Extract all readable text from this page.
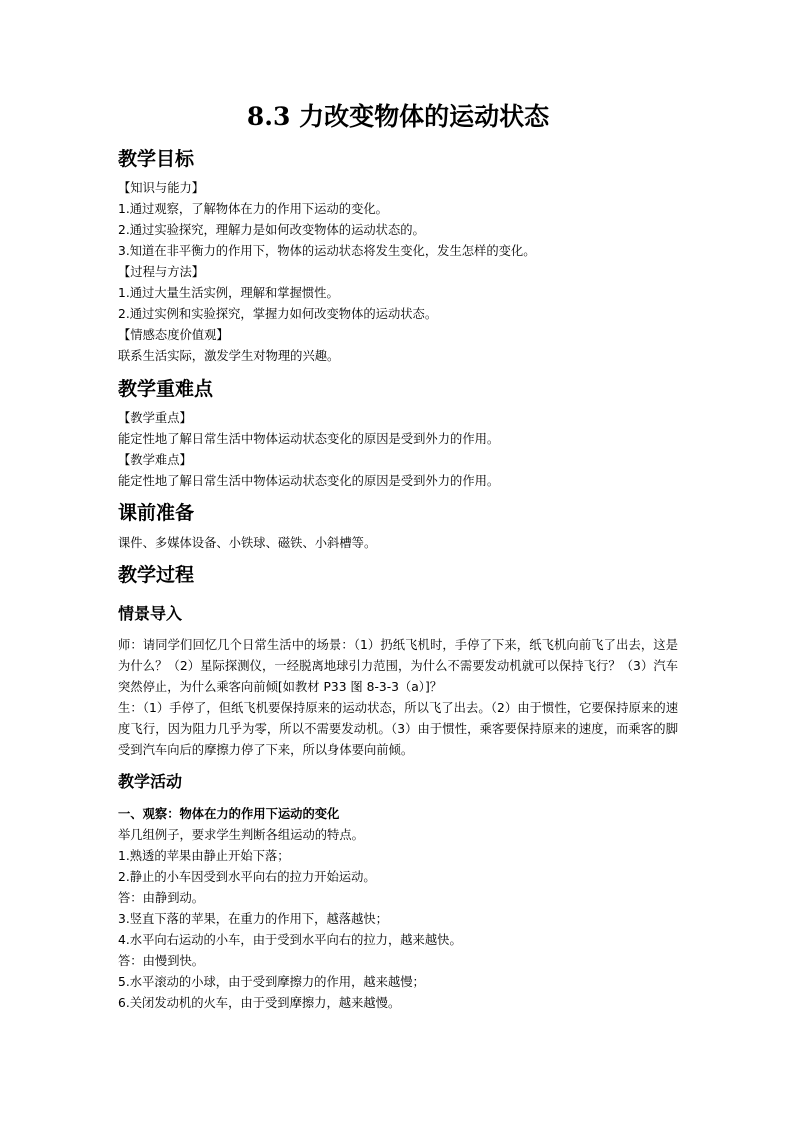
8.3 力改变物体的运动状态
教学目标

【知识与能力】

1.通过观察，了解物体在力的作用下运动的变化。

2.通过实验探究，理解力是如何改变物体的运动状态的。

3.知道在非平衡力的作用下，物体的运动状态将发生变化，发生怎样的变化。

【过程与方法】

1.通过大量生活实例，理解和掌握惯性。

2.通过实例和实验探究，掌握力如何改变物体的运动状态。

【情感态度价值观】

联系生活实际，激发学生对物理的兴趣。

教学重难点

【教学重点】

能定性地了解日常生活中物体运动状态变化的原因是受到外力的作用。

【教学难点】

能定性地了解日常生活中物体运动状态变化的原因是受到外力的作用。

课前准备

课件、多媒体设备、小铁球、磁铁、小斜槽等。

教学过程
情景导入

师：请同学们回忆几个日常生活中的场景：（1）扔纸飞机时，手停了下来，纸飞机向前飞了出去，这是为什么？（2）星际探测仪，一经脱离地球引力范围，为什么不需要发动机就可以保持飞行？（3）汽车突然停止，为什么乘客向前倾[如教材 P33 图 8-3-3（a）]？

生：（1）手停了，但纸飞机要保持原来的运动状态，所以飞了出去。（2）由于惯性，它要保持原来的速度飞行，因为阻力几乎为零，所以不需要发动机。（3）由于惯性，乘客要保持原来的速度，而乘客的脚受到汽车向后的摩擦力停了下来，所以身体要向前倾。

教学活动

一、观察：物体在力的作用下运动的变化

举几组例子，要求学生判断各组运动的特点。

1.熟透的苹果由静止开始下落；

2.静止的小车因受到水平向右的拉力开始运动。

答：由静到动。

3.竖直下落的苹果，在重力的作用下，越落越快；

4.水平向右运动的小车，由于受到水平向右的拉力，越来越快。

答：由慢到快。

5.水平滚动的小球，由于受到摩擦力的作用，越来越慢；

6.关闭发动机的火车，由于受到摩擦力，越来越慢。
